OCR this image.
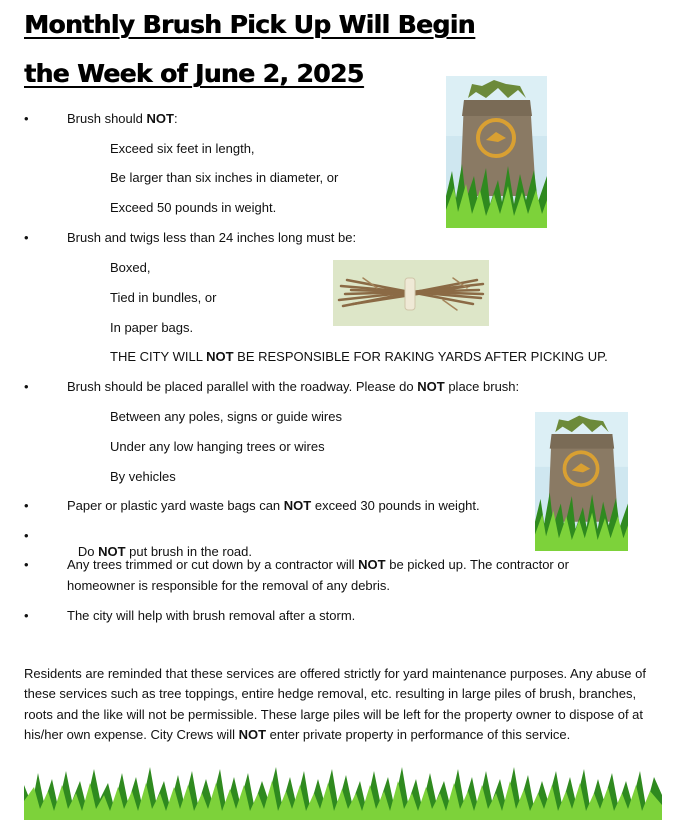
Monthly Brush Pick Up Will Begin
the Week of June 2, 2025
•	Brush should NOT:
Exceed six feet in length,
Be larger than six inches in diameter, or
Exceed 50 pounds in weight.
•	Brush and twigs less than 24 inches long must be:
Boxed,
Tied in bundles, or
In paper bags.
THE CITY WILL NOT BE RESPONSIBLE FOR RAKING YARDS AFTER PICKING UP.
•	Brush should be placed parallel with the roadway. Please do NOT place brush:
Between any poles, signs or guide wires
Under any low hanging trees or wires
By vehicles
•	Paper or plastic yard waste bags can NOT exceed 30 pounds in weight.
•

Do NOT put brush in the road.

•	Any trees trimmed or cut down by a contractor will NOT be picked up. The contractor or
homeowner is responsible for the removal of any debris.
•	The city will help with brush removal after a storm.

Residents are reminded that these services are offered strictly for yard maintenance purposes. Any abuse of these services such as tree toppings, entire hedge removal, etc. resulting in large piles of brush, branches, roots and the like will not be permissible. These large piles will be left for the property owner to dispose of at his/her own expense. City Crews will NOT enter private property in performance of this service.
